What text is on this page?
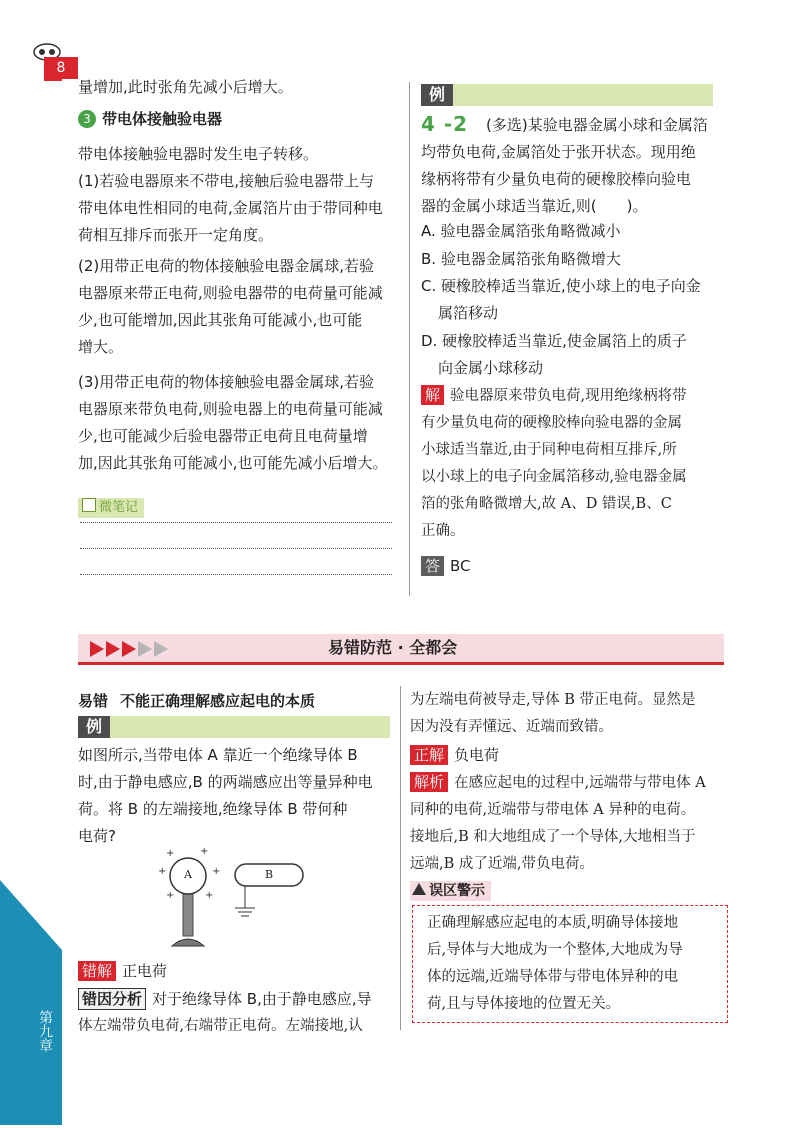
8
第九章
量增加,此时张角先减小后增大。
3 带电体接触验电器
带电体接触验电器时发生电子转移。
(1)若验电器原来不带电,接触后验电器带上与
带电体电性相同的电荷,金属箔片由于带同种电
荷相互排斥而张开一定角度。
(2)用带正电荷的物体接触验电器金属球,若验
电器原来带正电荷,则验电器带的电荷量可能减
少,也可能增加,因此其张角可能减小,也可能
增大。
(3)用带正电荷的物体接触验电器金属球,若验
电器原来带负电荷,则验电器上的电荷量可能减
少,也可能减少后验电器带正电荷且电荷量增
加,因此其张角可能减小,也可能先减小后增大。
微笔记
例
4 -2 (多选)某验电器金属小球和金属箔
均带负电荷,金属箔处于张开状态。现用绝
缘柄将带有少量负电荷的硬橡胶棒向验电
器的金属小球适当靠近,则(　　)。
A. 验电器金属箔张角略微减小
B. 验电器金属箔张角略微增大
C. 硬橡胶棒适当靠近,使小球上的电子向金
属箔移动
D. 硬橡胶棒适当靠近,使金属箔上的质子
向金属小球移动
解 验电器原来带负电荷,现用绝缘柄将带
有少量负电荷的硬橡胶棒向验电器的金属
小球适当靠近,由于同种电荷相互排斥,所
以小球上的电子向金属箔移动,验电器金属
箔的张角略微增大,故 A、D 错误,B、C
正确。
答 BC
易错防范 · 全都会
易错 不能正确理解感应起电的本质
例
如图所示,当带电体 A 靠近一个绝缘导体 B
时,由于静电感应,B 的两端感应出等量异种电
荷。将 B 的左端接地,绝缘导体 B 带何种
电荷?
+	+
+	+
+	+
A	B
错解 正电荷
错因分析 对于绝缘导体 B,由于静电感应,导
体左端带负电荷,右端带正电荷。左端接地,认
为左端电荷被导走,导体 B 带正电荷。显然是
因为没有弄懂远、近端而致错。
正解 负电荷
解析 在感应起电的过程中,远端带与带电体 A
同种的电荷,近端带与带电体 A 异种的电荷。
接地后,B 和大地组成了一个导体,大地相当于
远端,B 成了近端,带负电荷。
误区警示
正确理解感应起电的本质,明确导体接地
后,导体与大地成为一个整体,大地成为导
体的远端,近端导体带与带电体异种的电
荷,且与导体接地的位置无关。
